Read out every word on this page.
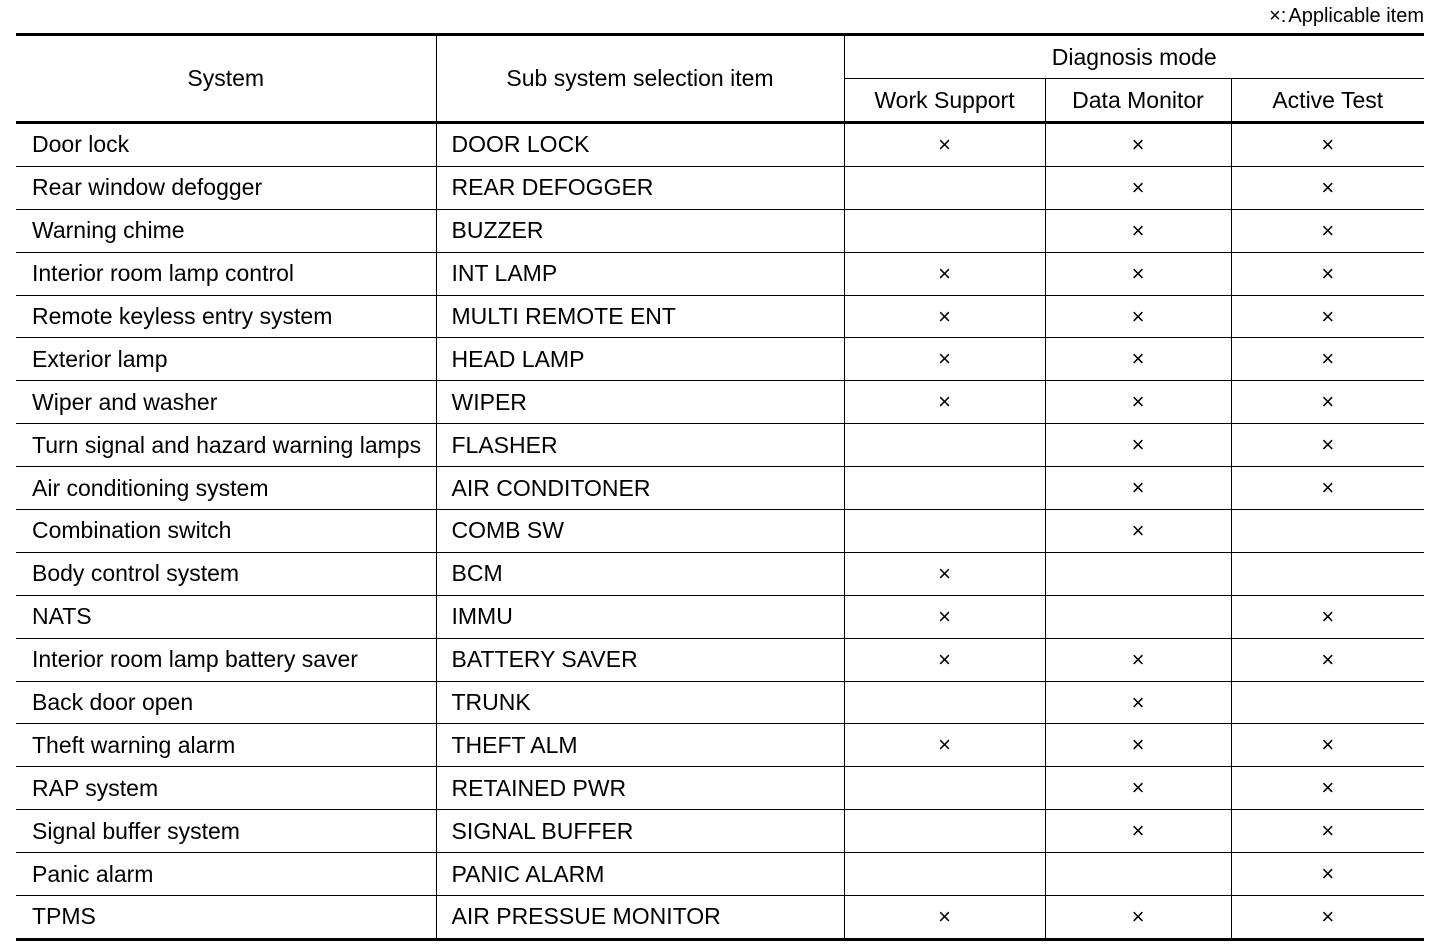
×: Applicable item
System	Sub system selection item	Diagnosis mode		
		Work Support	Data Monitor	Active Test
Door lock	DOOR LOCK	×	×	×
Rear window defogger	REAR DEFOGGER		×	×
Warning chime	BUZZER		×	×
Interior room lamp control	INT LAMP	×	×	×
Remote keyless entry system	MULTI REMOTE ENT	×	×	×
Exterior lamp	HEAD LAMP	×	×	×
Wiper and washer	WIPER	×	×	×
Turn signal and hazard warning lamps	FLASHER		×	×
Air conditioning system	AIR CONDITONER		×	×
Combination switch	COMB SW		×	
Body control system	BCM	×		
NATS	IMMU	×		×
Interior room lamp battery saver	BATTERY SAVER	×	×	×
Back door open	TRUNK		×	
Theft warning alarm	THEFT ALM	×	×	×
RAP system	RETAINED PWR		×	×
Signal buffer system	SIGNAL BUFFER		×	×
Panic alarm	PANIC ALARM			×
TPMS	AIR PRESSUE MONITOR	×	×	×
